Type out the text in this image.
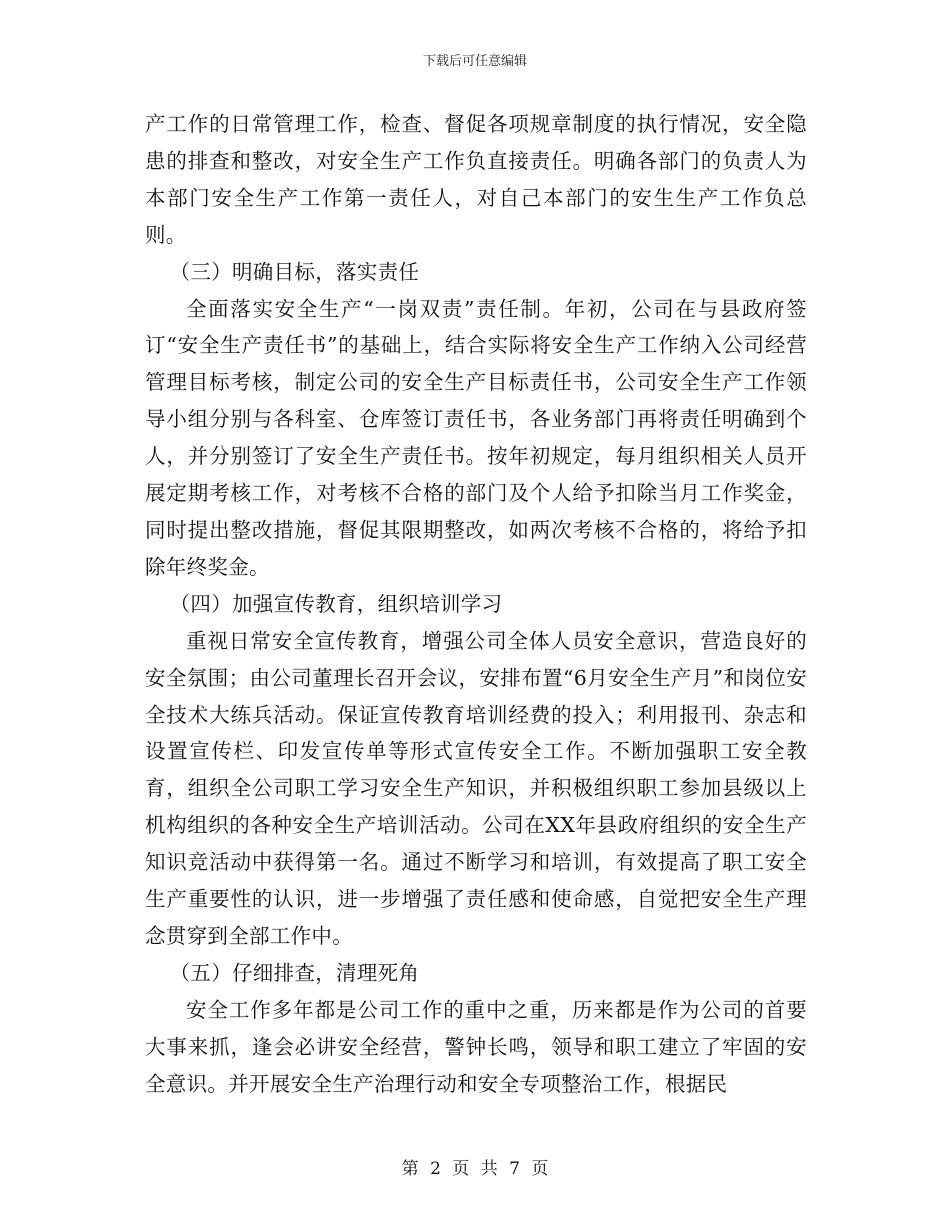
下载后可任意编辑

产工作的日常管理工作，检查、督促各项规章制度的执行情况，安全隐患的排查和整改，对安全生产工作负直接责任。明确各部门的负责人为本部门安全生产工作第一责任人，对自己本部门的安生生产工作负总则。

（三）明确目标，落实责任

全面落实安全生产“一岗双责”责任制。年初，公司在与县政府签订“安全生产责任书”的基础上，结合实际将安全生产工作纳入公司经营管理目标考核，制定公司的安全生产目标责任书，公司安全生产工作领导小组分别与各科室、仓库签订责任书，各业务部门再将责任明确到个人，并分别签订了安全生产责任书。按年初规定，每月组织相关人员开展定期考核工作，对考核不合格的部门及个人给予扣除当月工作奖金，同时提出整改措施，督促其限期整改，如两次考核不合格的，将给予扣除年终奖金。

（四）加强宣传教育，组织培训学习

重视日常安全宣传教育，增强公司全体人员安全意识，营造良好的安全氛围；由公司董理长召开会议，安排布置“6月安全生产月”和岗位安全技术大练兵活动。保证宣传教育培训经费的投入；利用报刊、杂志和设置宣传栏、印发宣传单等形式宣传安全工作。不断加强职工安全教育，组织全公司职工学习安全生产知识，并积极组织职工参加县级以上机构组织的各种安全生产培训活动。公司在XX年县政府组织的安全生产知识竞活动中获得第一名。通过不断学习和培训，有效提高了职工安全生产重要性的认识，进一步增强了责任感和使命感，自觉把安全生产理念贯穿到全部工作中。

（五）仔细排查，清理死角

安全工作多年都是公司工作的重中之重，历来都是作为公司的首要大事来抓，逢会必讲安全经营，警钟长鸣，领导和职工建立了牢固的安全意识。并开展安全生产治理行动和安全专项整治工作，根据民

第 2 页 共 7 页
